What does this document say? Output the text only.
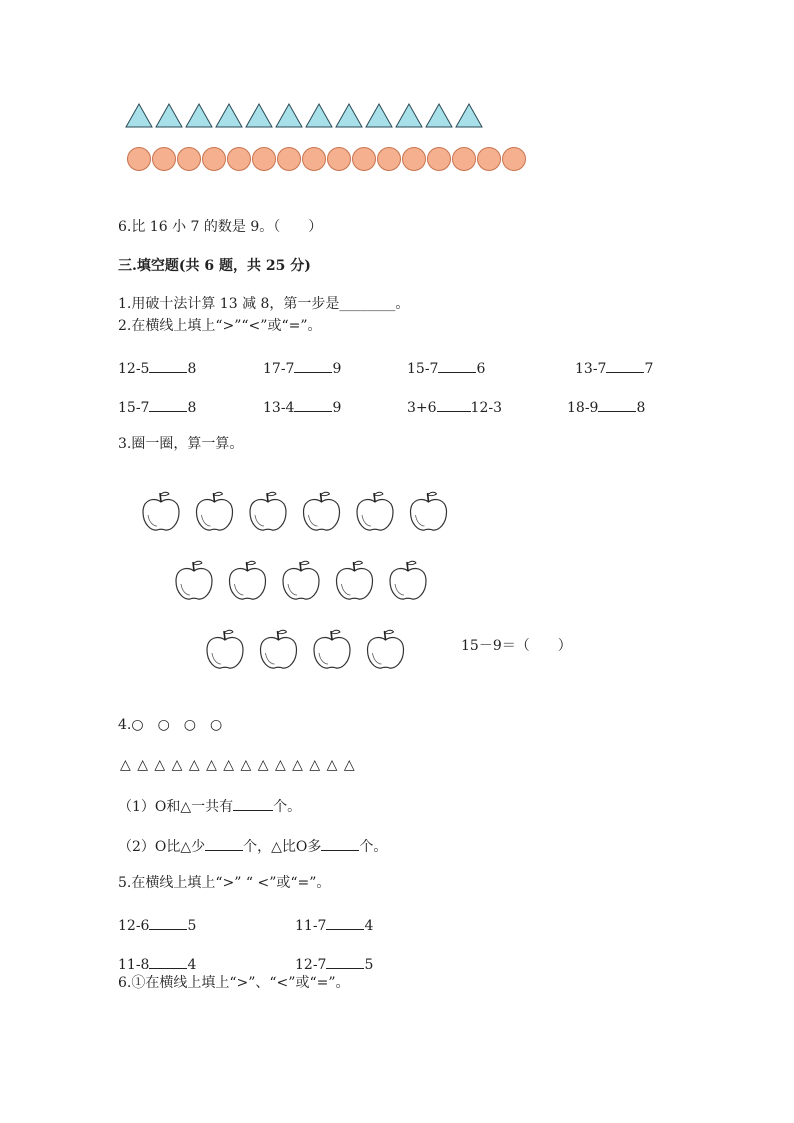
6.比 16 小 7 的数是 9。（　　）
三.填空题(共 6 题，共 25 分)
1.用破十法计算 13 减 8，第一步是________。
2.在横线上填上“>”“<”或“=”。
12-5	8	17-7	9	15-7	6	13-7	7
15-7	8	13-4	9	3+6 12-3	18-9	8
3.圈一圈，算一算。
15－9＝（　　）
4.○　○　○　○
△ △ △ △ △ △ △ △ △ △ △ △ △ △
（1）O和△一共有	个。
（2）O比△少	个，△比O多	个。
5.在横线上填上“>” “ <”或“=”。
12-6	5	11-7	4
11-8	4	12-7	5
6.①在横线上填上“>”、“<”或“=”。
